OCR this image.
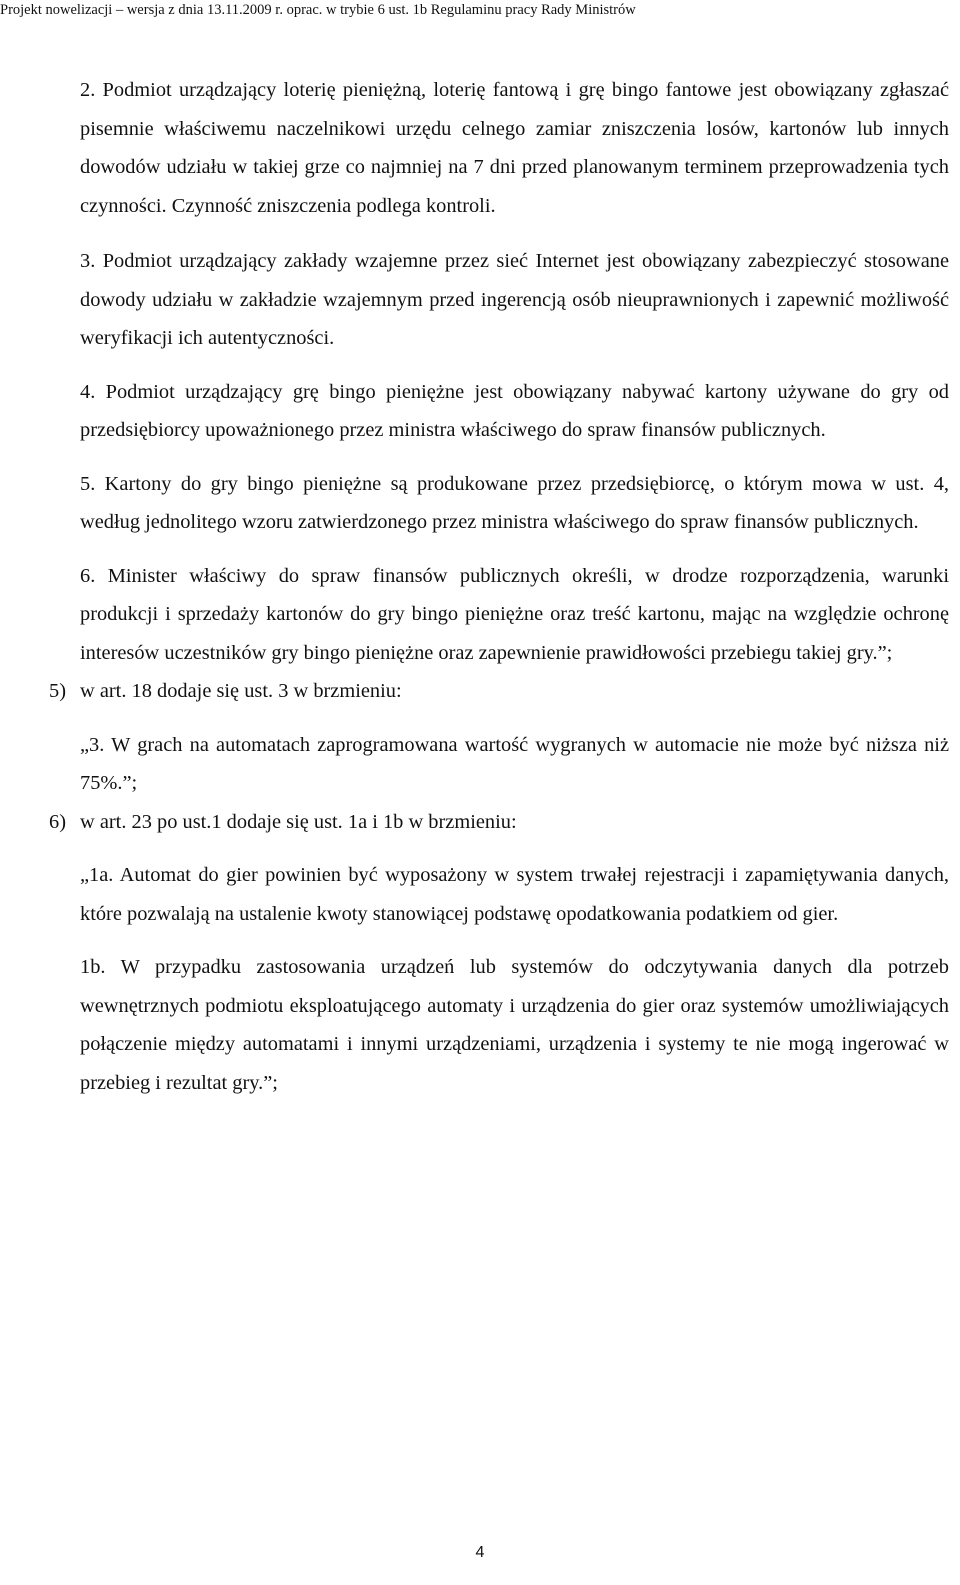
Projekt nowelizacji – wersja z dnia 13.11.2009 r. oprac. w trybie 6 ust. 1b Regulaminu pracy Rady Ministrów

2. Podmiot urządzający loterię pieniężną, loterię fantową i grę bingo fantowe jest obowiązany zgłaszać pisemnie właściwemu naczelnikowi urzędu celnego zamiar zniszczenia losów, kartonów lub innych dowodów udziału w takiej grze co najmniej na 7 dni przed planowanym terminem przeprowadzenia tych czynności. Czynność zniszczenia podlega kontroli.

3. Podmiot urządzający zakłady wzajemne przez sieć Internet jest obowiązany zabezpieczyć stosowane dowody udziału w zakładzie wzajemnym przed ingerencją osób nieuprawnionych i zapewnić możliwość weryfikacji ich autentyczności.

4. Podmiot urządzający grę bingo pieniężne jest obowiązany nabywać kartony używane do gry od przedsiębiorcy upoważnionego przez ministra właściwego do spraw finansów publicznych.

5. Kartony do gry bingo pieniężne są produkowane przez przedsiębiorcę, o którym mowa w ust. 4, według jednolitego wzoru zatwierdzonego przez ministra właściwego do spraw finansów publicznych.

6. Minister właściwy do spraw finansów publicznych określi, w drodze rozporządzenia, warunki produkcji i sprzedaży kartonów do gry bingo pieniężne oraz treść kartonu, mając na względzie ochronę interesów uczestników gry bingo pieniężne oraz zapewnienie prawidłowości przebiegu takiej gry.”;

5) w art. 18 dodaje się ust. 3 w brzmieniu:

„3. W grach na automatach zaprogramowana wartość wygranych w automacie nie może być niższa niż 75%.”;

6) w art. 23 po ust.1 dodaje się ust. 1a i 1b w brzmieniu:

„1a. Automat do gier powinien być wyposażony w system trwałej rejestracji i zapamiętywania danych, które pozwalają na ustalenie kwoty stanowiącej podstawę opodatkowania podatkiem od gier.

1b. W przypadku zastosowania urządzeń lub systemów do odczytywania danych dla potrzeb wewnętrznych podmiotu eksploatującego automaty i urządzenia do gier oraz systemów umożliwiających połączenie między automatami i innymi urządzeniami, urządzenia i systemy te nie mogą ingerować w przebieg i rezultat gry.”;

4
